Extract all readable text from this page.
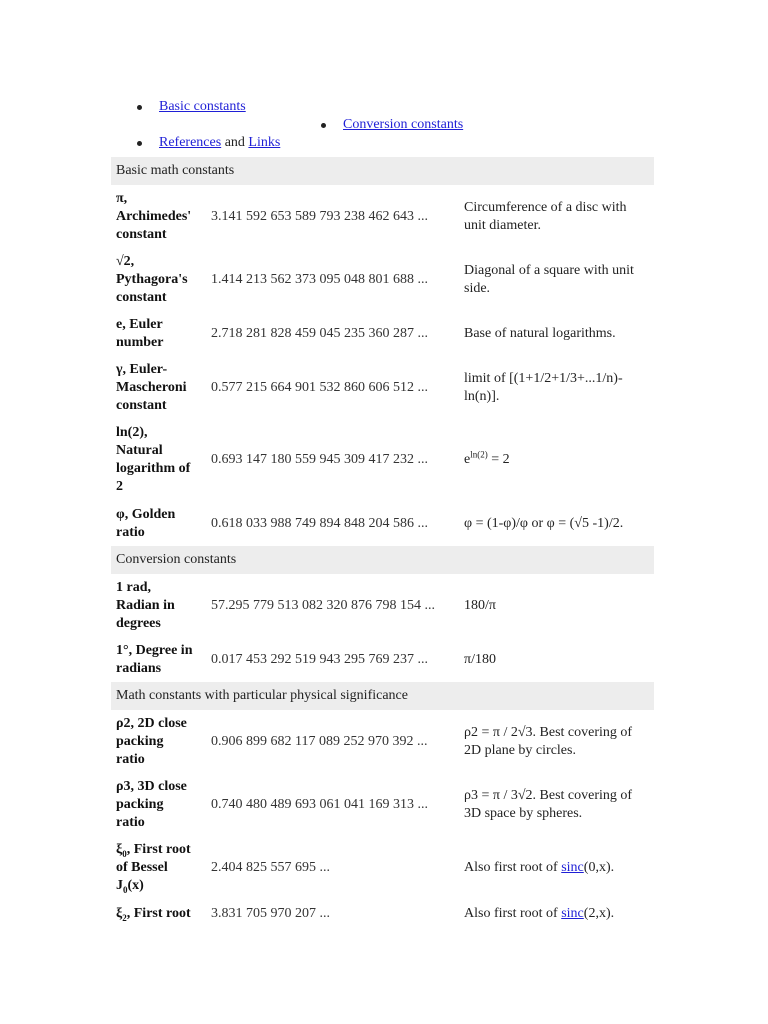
Basic constants
Conversion constants
References and Links
Basic math constants		
π,
Archimedes'
constant	3.141 592 653 589 793 238 462 643 ...	Circumference of a disc with unit diameter.
√2,
Pythagora's
constant	1.414 213 562 373 095 048 801 688 ...	Diagonal of a square with unit side.
e, Euler
number	2.718 281 828 459 045 235 360 287 ...	Base of natural logarithms.
γ, Euler-
Mascheroni
constant	0.577 215 664 901 532 860 606 512 ...	limit of [(1+1/2+1/3+...1/n)-ln(n)].
ln(2),
Natural
logarithm of
2	0.693 147 180 559 945 309 417 232 ...	$e^{ln(2)} = 2$
φ, Golden
ratio	0.618 033 988 749 894 848 204 586 ...	φ = (1-φ)/φ or φ = (√5 -1)/2.
Conversion constants		
1 rad,
Radian in
degrees	57.295 779 513 082 320 876 798 154 ...	180/π
1°, Degree in
radians	0.017 453 292 519 943 295 769 237 ...	π/180
Math constants with particular physical significance		
ρ2, 2D close
packing
ratio	0.906 899 682 117 089 252 970 392 ...	ρ2 = π / 2√3. Best covering of 2D plane by circles.
ρ3, 3D close
packing
ratio	0.740 480 489 693 061 041 169 313 ...	ρ3 = π / 3√2. Best covering of 3D space by spheres.
$\xi_0$, First root
of Bessel
$J_0(x)$	2.404 825 557 695 ...	Also first root of sinc(0,x).
$\xi_2$, First root	3.831 705 970 207 ...	Also first root of sinc(2,x).
